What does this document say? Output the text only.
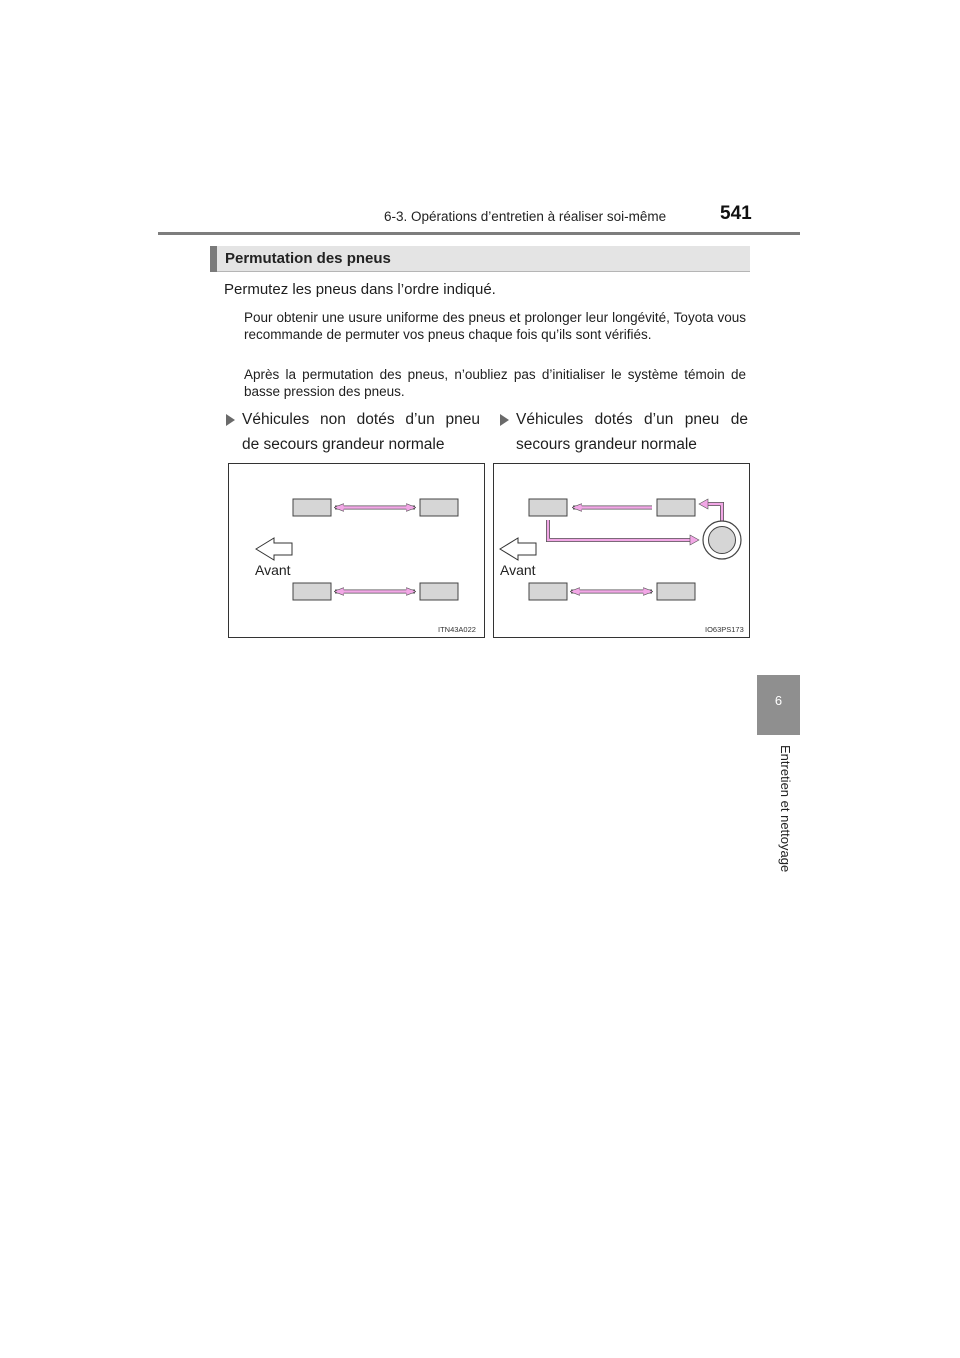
6-3. Opérations d’entretien à réaliser soi-même	541
6
Entretien et nettoyage
Permutation des pneus
Permutez les pneus dans l’ordre indiqué.
Pour obtenir une usure uniforme des pneus et prolonger leur longévité, Toyota vous recommande de permuter vos pneus chaque fois qu’ils sont vérifiés.
Après la permutation des pneus, n’oubliez pas d’initialiser le système témoin de basse pression des pneus.
Véhicules non dotés d’un pneu
de secours grandeur normale
Véhicules dotés d’un pneu de
secours grandeur normale
Avant
ITN43A022
Avant
IO63PS173
